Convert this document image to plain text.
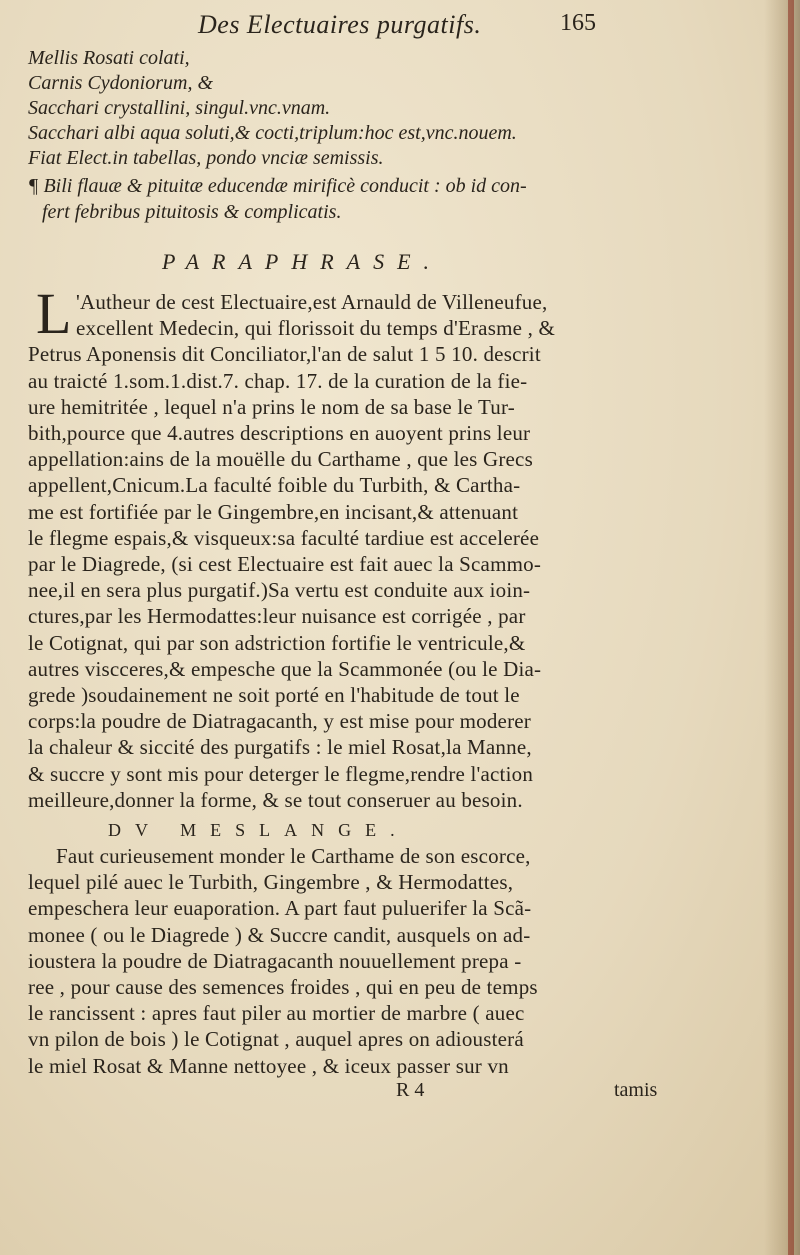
Des Electuaires purgatifs.	165
Mellis Rosati colati,
Carnis Cydoniorum, &
Sacchari crystallini, singul.vnc.vnam.
Sacchari albi aqua soluti,& cocti,triplum:hoc est,vnc.nouem.
Fiat Elect.in tabellas, pondo vnciæ semissis.
¶ Bili flauæ & pituitæ educendæ mirificè conducit : ob id con-
fert febribus pituitosis & complicatis.
PARAPHRASE.
L 'Autheur de cest Electuaire,est Arnauld de Villeneufue,
excellent Medecin, qui florissoit du temps d'Erasme , &
Petrus Aponensis dit Conciliator,l'an de salut 1 5 10. descrit
au traicté 1.som.1.dist.7. chap. 17. de la curation de la fie-
ure hemitritée , lequel n'a prins le nom de sa base le Tur-
bith,pource que 4.autres descriptions en auoyent prins leur
appellation:ains de la mouëlle du Carthame , que les Grecs
appellent,Cnicum.La faculté foible du Turbith, & Cartha-
me est fortifiée par le Gingembre,en incisant,& attenuant
le flegme espais,& visqueux:sa faculté tardiue est accelerée
par le Diagrede, (si cest Electuaire est fait auec la Scammo-
nee,il en sera plus purgatif.)Sa vertu est conduite aux ioin-
ctures,par les Hermodattes:leur nuisance est corrigée , par
le Cotignat, qui par son adstriction fortifie le ventricule,&
autres viscceres,& empesche que la Scammonée (ou le Dia-
grede )soudainement ne soit porté en l'habitude de tout le
corps:la poudre de Diatragacanth, y est mise pour moderer
la chaleur & siccité des purgatifs : le miel Rosat,la Manne,
& succre y sont mis pour deterger le flegme,rendre l'action
meilleure,donner la forme, & se tout conseruer au besoin.
DV MESLANGE.
Faut curieusement monder le Carthame de son escorce,
lequel pilé auec le Turbith, Gingembre , & Hermodattes,
empeschera leur euaporation. A part faut puluerifer la Scã-
monee ( ou le Diagrede ) & Succre candit, ausquels on ad-
ioustera la poudre de Diatragacanth nouuellement prepa -
ree , pour cause des semences froides , qui en peu de temps
le rancissent : apres faut piler au mortier de marbre ( auec
vn pilon de bois ) le Cotignat , auquel apres on adiousterá
le miel Rosat & Manne nettoyee , & iceux passer sur vn
R 4	tamis
